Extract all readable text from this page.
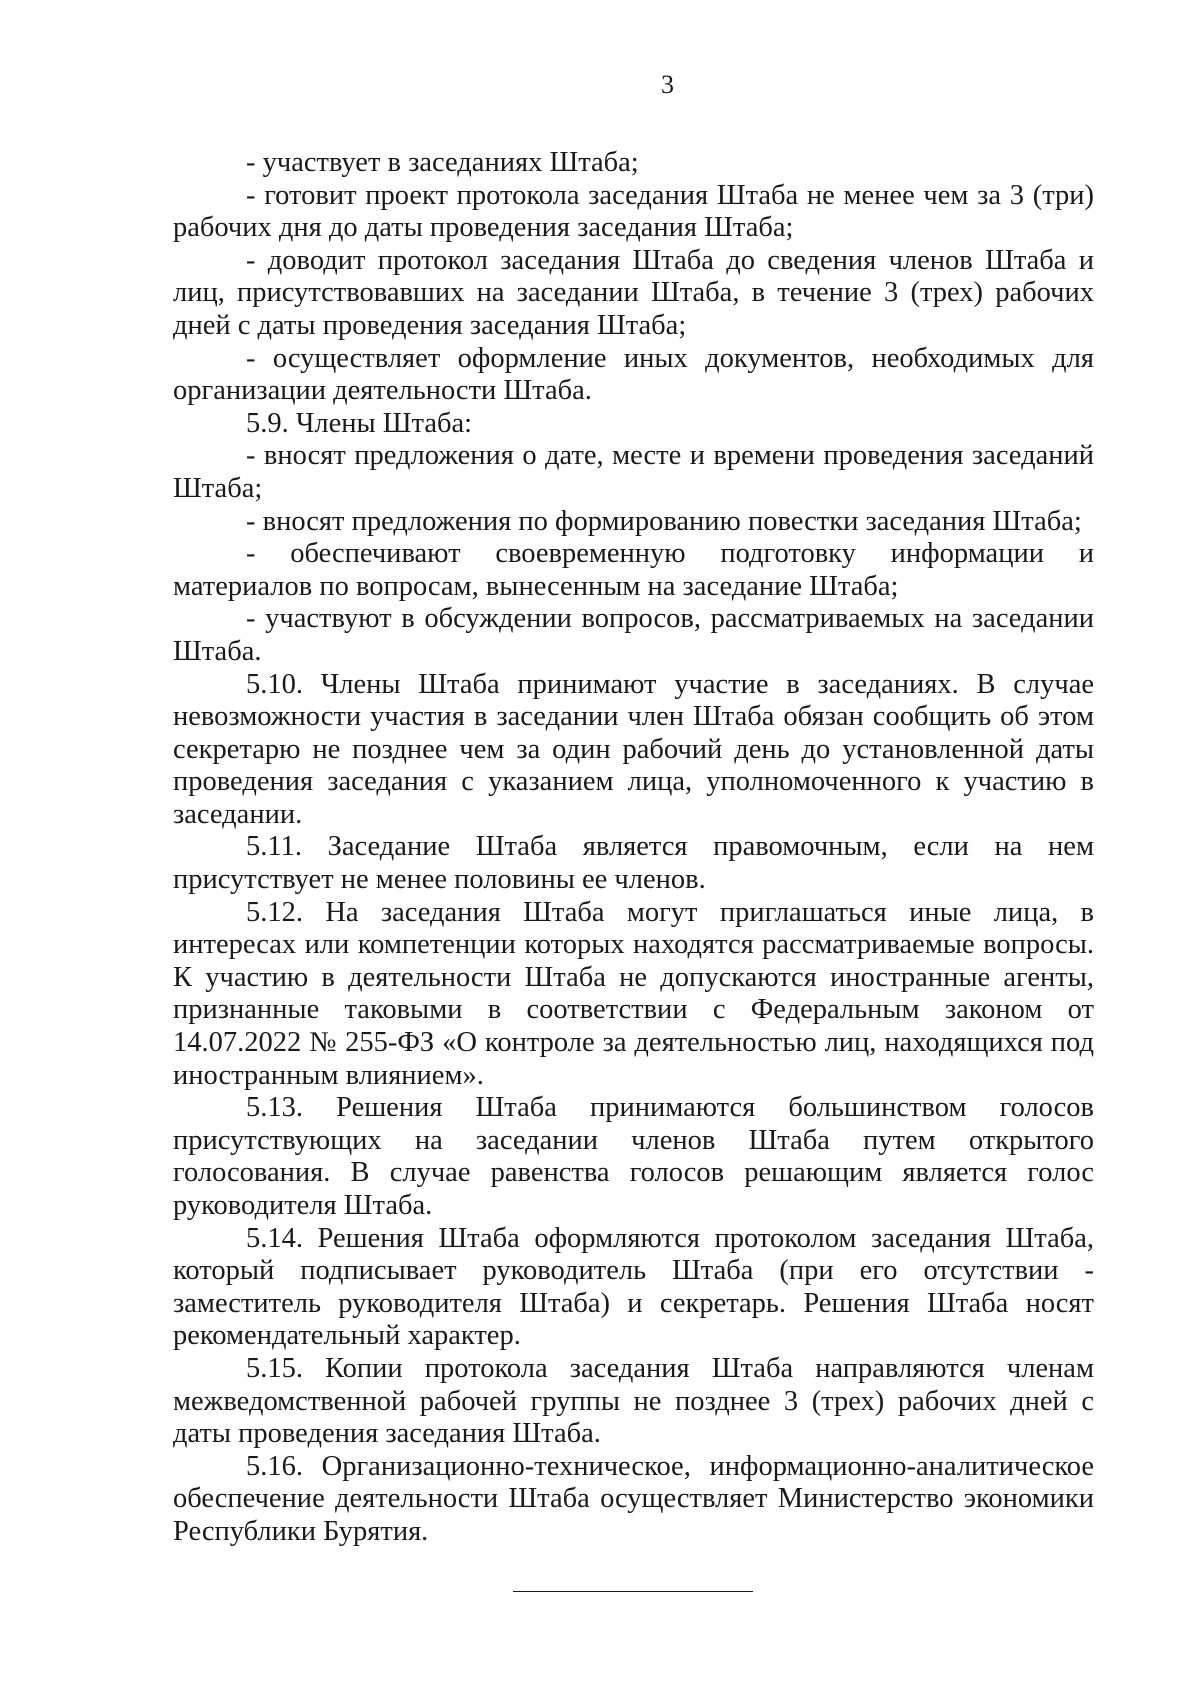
3

- участвует в заседаниях Штаба;

- готовит проект протокола заседания Штаба не менее чем за 3 (три) рабочих дня до даты проведения заседания Штаба;

- доводит протокол заседания Штаба до сведения членов Штаба и лиц, присутствовавших на заседании Штаба, в течение 3 (трех) рабочих дней с даты проведения заседания Штаба;

- осуществляет оформление иных документов, необходимых для организации деятельности Штаба.

5.9. Члены Штаба:

- вносят предложения о дате, месте и времени проведения заседаний Штаба;

- вносят предложения по формированию повестки заседания Штаба;

- обеспечивают своевременную подготовку информации и материалов по вопросам, вынесенным на заседание Штаба;

- участвуют в обсуждении вопросов, рассматриваемых на заседании Штаба.

5.10. Члены Штаба принимают участие в заседаниях. В случае невозможности участия в заседании член Штаба обязан сообщить об этом секретарю не позднее чем за один рабочий день до установленной даты проведения заседания с указанием лица, уполномоченного к участию в заседании.

5.11. Заседание Штаба является правомочным, если на нем присутствует не менее половины ее членов.

5.12. На заседания Штаба могут приглашаться иные лица, в интересах или компетенции которых находятся рассматриваемые вопросы. К участию в деятельности Штаба не допускаются иностранные агенты, признанные таковыми в соответствии с Федеральным законом от 14.07.2022 № 255-ФЗ «О контроле за деятельностью лиц, находящихся под иностранным влиянием».

5.13. Решения Штаба принимаются большинством голосов присутствующих на заседании членов Штаба путем открытого голосования. В случае равенства голосов решающим является голос руководителя Штаба.

5.14. Решения Штаба оформляются протоколом заседания Штаба, который подписывает руководитель Штаба (при его отсутствии - заместитель руководителя Штаба) и секретарь. Решения Штаба носят рекомендательный характер.

5.15. Копии протокола заседания Штаба направляются членам межведомственной рабочей группы не позднее 3 (трех) рабочих дней с даты проведения заседания Штаба.

5.16. Организационно-техническое, информационно-аналитическое обеспечение деятельности Штаба осуществляет Министерство экономики Республики Бурятия.
